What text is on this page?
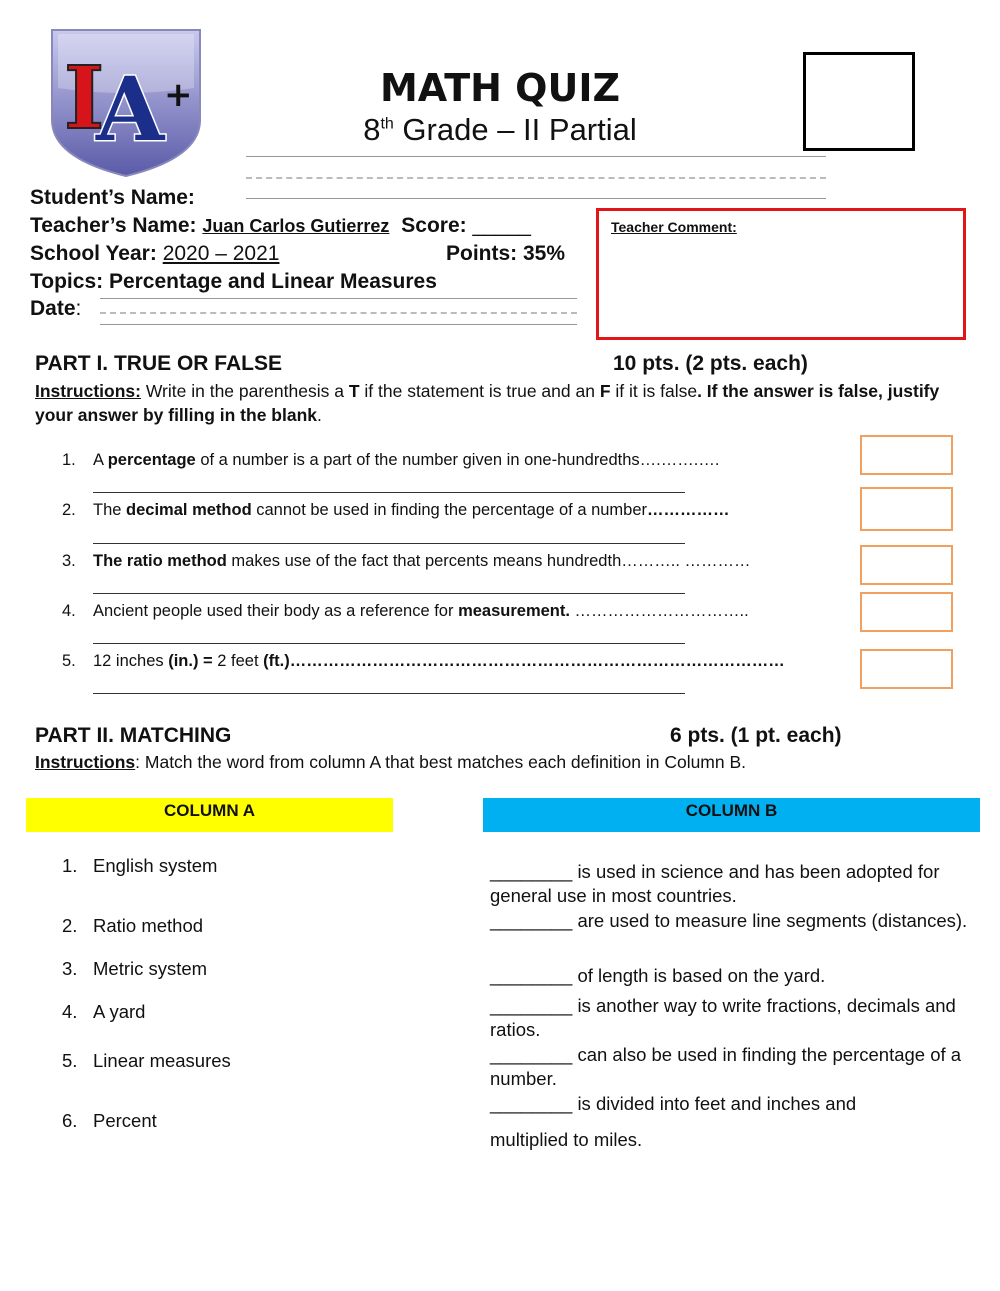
I
A +	MATH QUIZ
8th Grade – II Partial
Student’s Name:
Teacher’s Name: Juan Carlos Gutierrez Score: _____
School Year: 2020 – 2021	Points: 35%
Topics: Percentage and Linear Measures
Date:
Teacher Comment:
PART I. TRUE OR FALSE	10 pts. (2 pts. each)
Instructions: Write in the parenthesis a T if the statement is true and an F if it is false. If the answer is false, justify your answer by filling in the blank.
1. A percentage of a number is a part of the number given in one-hundredths….…….….
2. The decimal method cannot be used in finding the percentage of a number……………
3. The ratio method makes use of the fact that percents means hundredth……….. …………
4. Ancient people used their body as a reference for measurement. …………………………..
5. 12 inches (in.) = 2 feet (ft.)………………………………………………………………………………
PART II. MATCHING	6 pts. (1 pt. each)
Instructions: Match the word from column A that best matches each definition in Column B.
COLUMN A	COLUMN B
1. English system
2. Ratio method
3. Metric system
4. A yard
5. Linear measures
6. Percent
________ is used in science and has been adopted for general use in most countries.
________ are used to measure line segments (distances).
________ of length is based on the yard.
________ is another way to write fractions, decimals and ratios.
________ can also be used in finding the percentage of a number.
________ is divided into feet and inches and
multiplied to miles.
